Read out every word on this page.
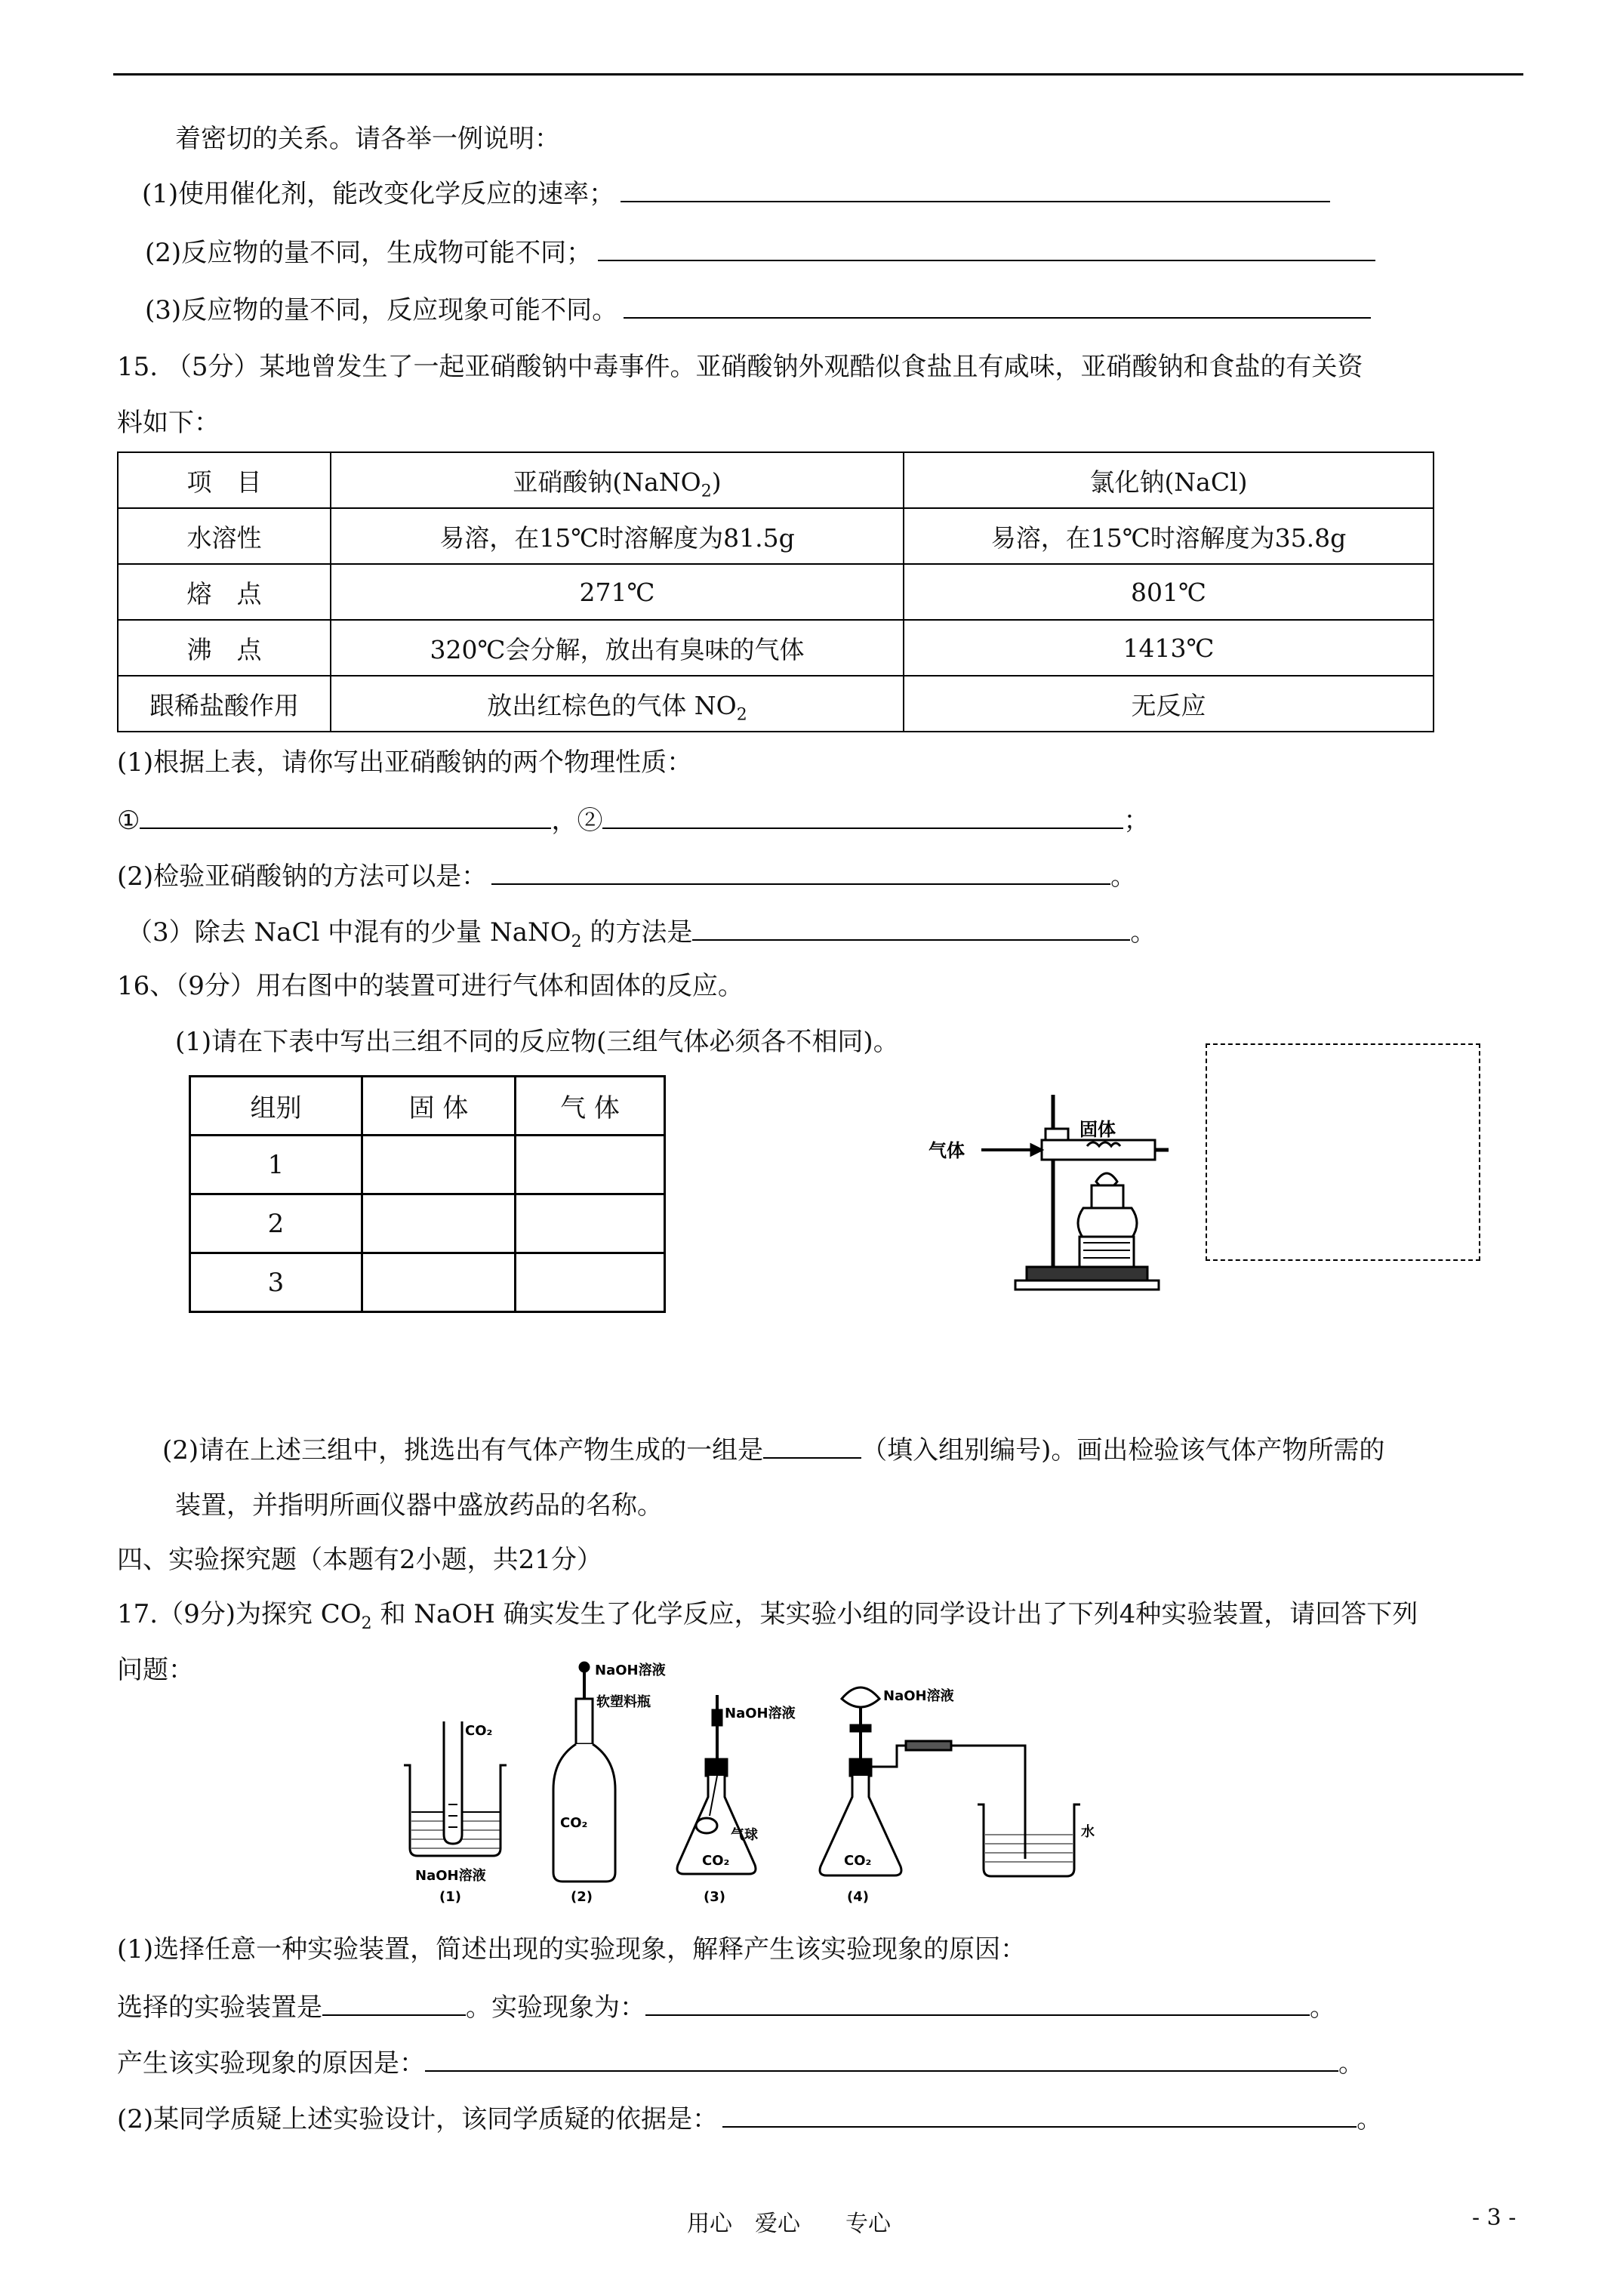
着密切的关系。请各举一例说明：
(1)使用催化剂，能改变化学反应的速率；
(2)反应物的量不同，生成物可能不同；
(3)反应物的量不同，反应现象可能不同。
15. （5分）某地曾发生了一起亚硝酸钠中毒事件。亚硝酸钠外观酷似食盐且有咸味，亚硝酸钠和食盐的有关资
料如下：
项　目	亚硝酸钠(NaNO$_2$)	氯化钠(NaCl)
水溶性	易溶，在15℃时溶解度为81.5g	易溶，在15℃时溶解度为35.8g
熔　点	271℃	801℃
沸　点	320℃会分解，放出有臭味的气体	1413℃
跟稀盐酸作用	放出红棕色的气体 $NO_2$	无反应
(1)根据上表，请你写出亚硝酸钠的两个物理性质：
①	，②	；
(2)检验亚硝酸钠的方法可以是：	。
（3）除去 NaCl 中混有的少量 NaNO$_2$ 的方法是	。
16、（9分）用右图中的装置可进行气体和固体的反应。
(1)请在下表中写出三组不同的反应物(三组气体必须各不相同)。
组别	固 体	气 体
1		
2		
3		
气体
固体
(2)请在上述三组中，挑选出有气体产物生成的一组是	（填入组别编号)。画出检验该气体产物所需的
装置，并指明所画仪器中盛放药品的名称。
四、实验探究题（本题有2小题，共21分）
17.（9分)为探究 $CO_2$ 和 NaOH 确实发生了化学反应，某实验小组的同学设计出了下列4种实验装置，请回答下列
问题：
CO₂
NaOH溶液
NaOH溶液
软塑料瓶
CO₂
NaOH溶液
气球
CO₂
NaOH溶液
CO₂
水
(1)	(2)	(3)	(4)
(1)选择任意一种实验装置，简述出现的实验现象，解释产生该实验现象的原因：
选择的实验装置是	。实验现象为：	。
产生该实验现象的原因是：	。
(2)某同学质疑上述实验设计，该同学质疑的依据是：	。
用心　爱心　　专心	- 3 -
